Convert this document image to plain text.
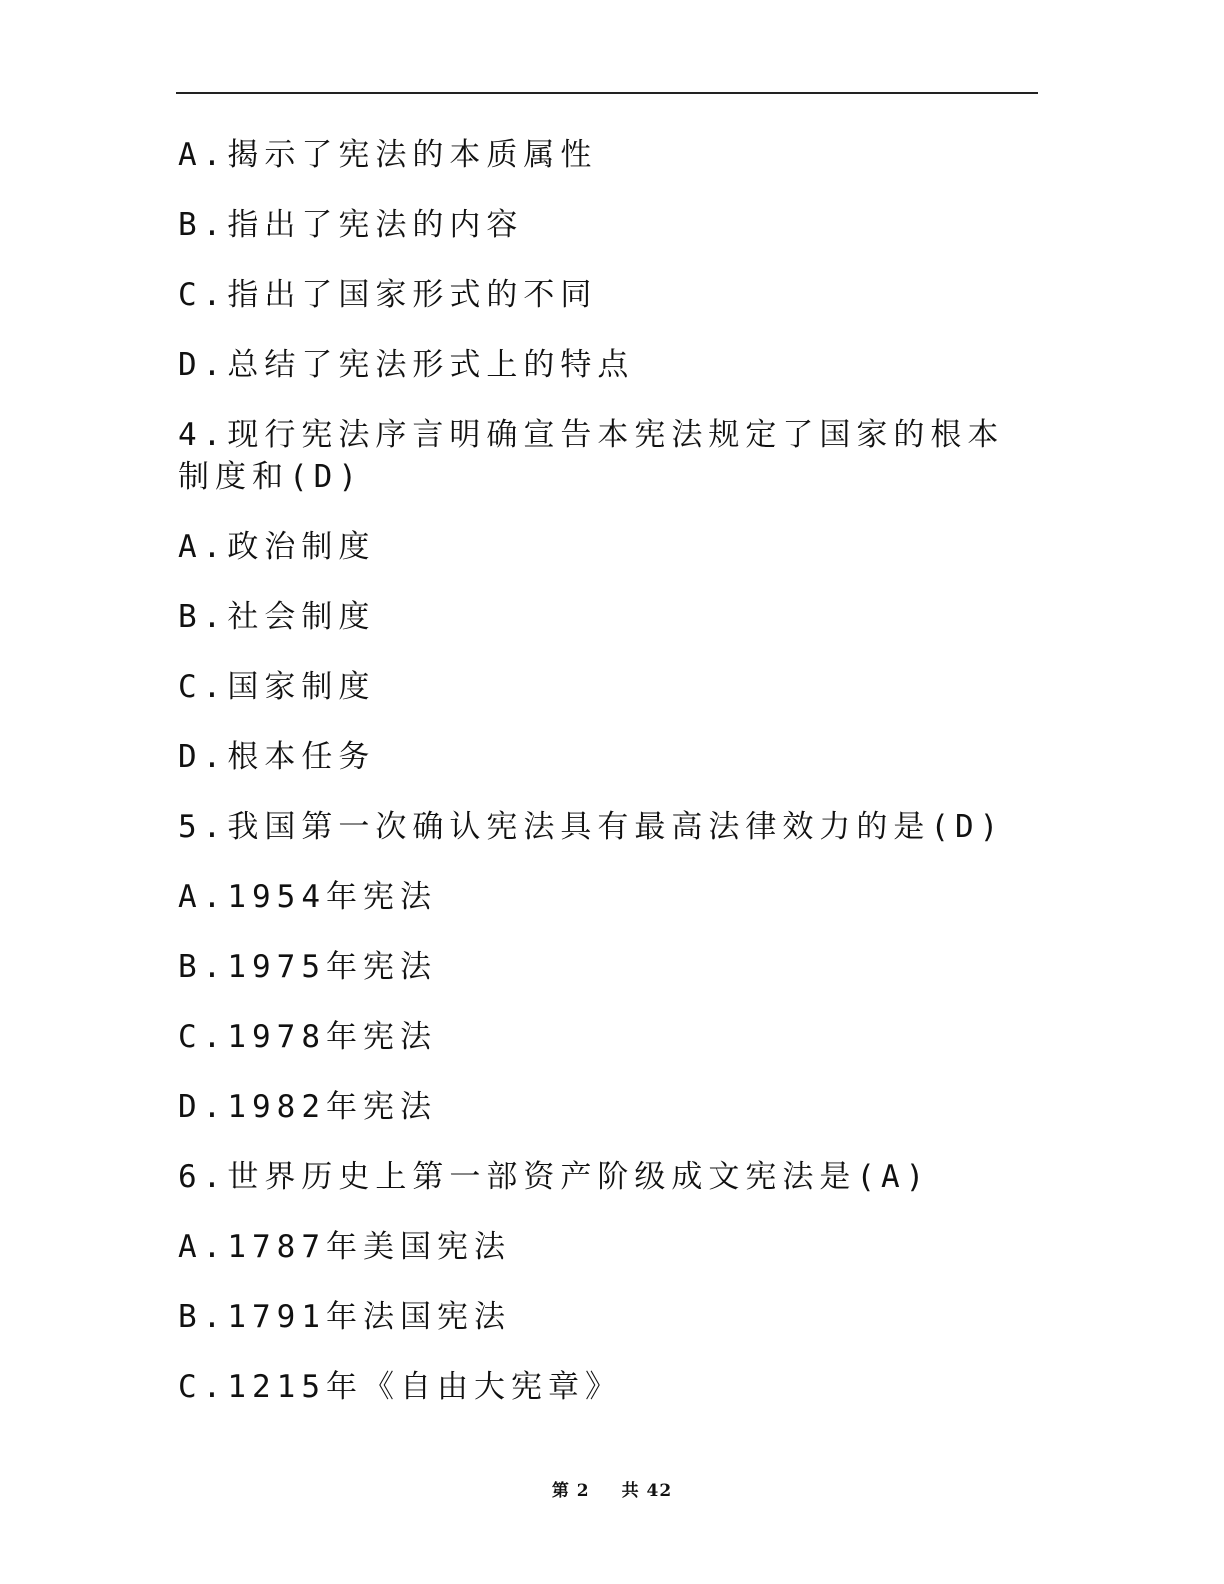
A.揭示了宪法的本质属性
B.指出了宪法的内容
C.指出了国家形式的不同
D.总结了宪法形式上的特点
4.现行宪法序言明确宣告本宪法规定了国家的根本制度和(D)
A.政治制度
B.社会制度
C.国家制度
D.根本任务
5.我国第一次确认宪法具有最高法律效力的是(D)
A.1954年宪法
B.1975年宪法
C.1978年宪法
D.1982年宪法
6.世界历史上第一部资产阶级成文宪法是(A)
A.1787年美国宪法
B.1791年法国宪法
C.1215年《自由大宪章》
第 2 共 42
